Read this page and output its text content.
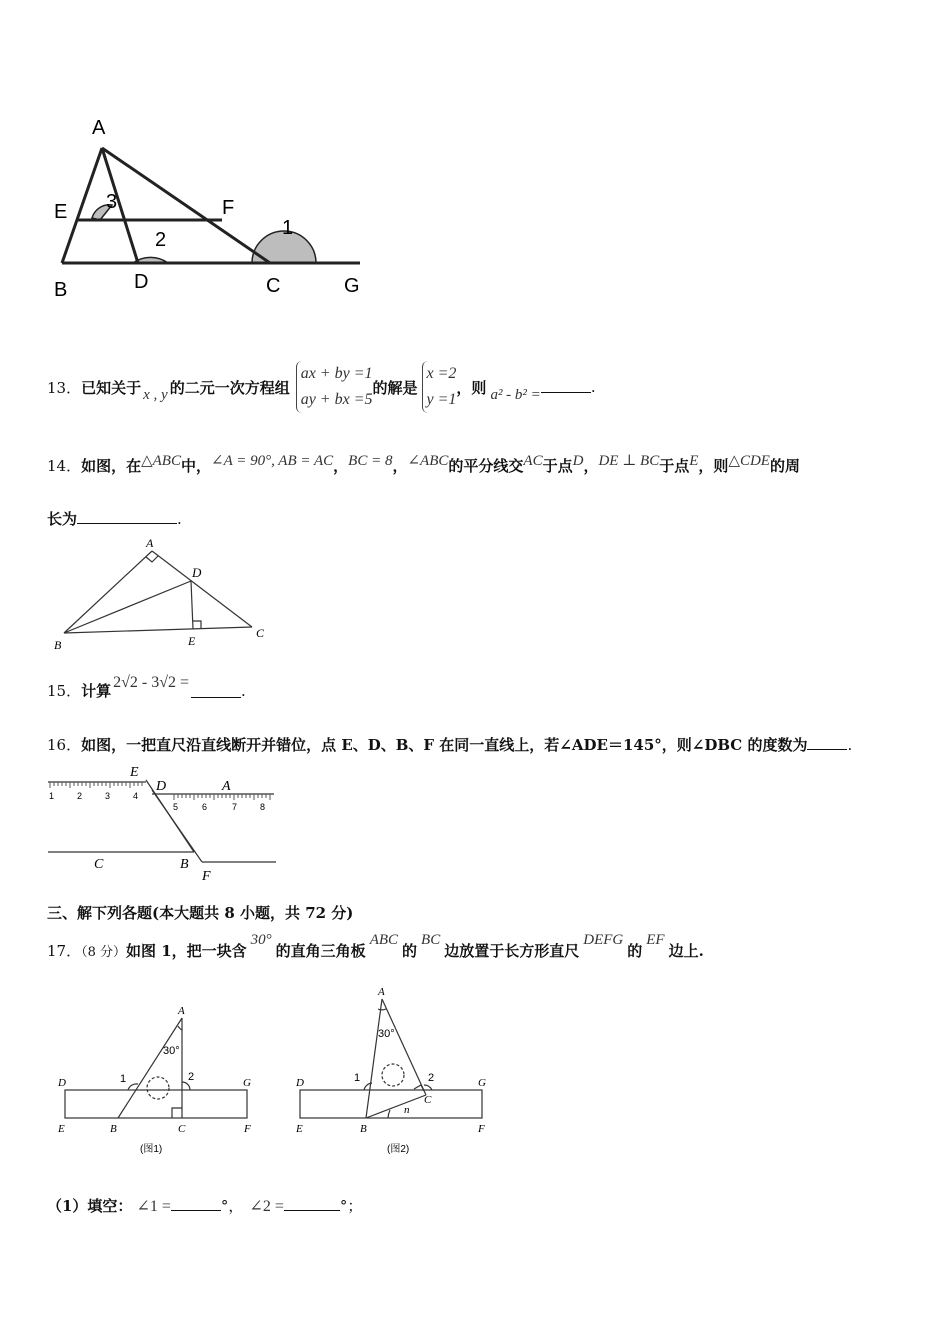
A
E	F
B	D	C	G
3
2
1
13． 已知关于 x , y 的二元一次方程组
ax + by =1
ay + bx =5
的解是
x =2
y =1
，则 a² - b² =	.
14．如图，在△ABC中，∠A = 90°, AB = AC，BC = 8，∠ABC的平分线交AC于点D，DE ⊥ BC于点E，则△CDE的周
长为	.
A
D
B	E
C
15． 计算 2√2 - 3√2 =	.
16．如图，一把直尺沿直线断开并错位，点 E、D、B、F 在同一直线上，若∠ADE＝145°，则∠DBC 的度数为	.
1	2	3	4
5	6	7	8
E
D	A
C	B
F
三、解下列各题(本大题共 8 小题，共 72 分)
17．（8 分）如图 1，把一块含30°的直角三角板ABC的BC边放置于长方形直尺DEFG的EF边上.
A
30°
D	1	2	G
E	B	C	F
(图1)
A
30°
D	1	2
C
n
G
E	B	F
(图2)
（1）填空： ∠1 =	°， ∠2 =	°；
